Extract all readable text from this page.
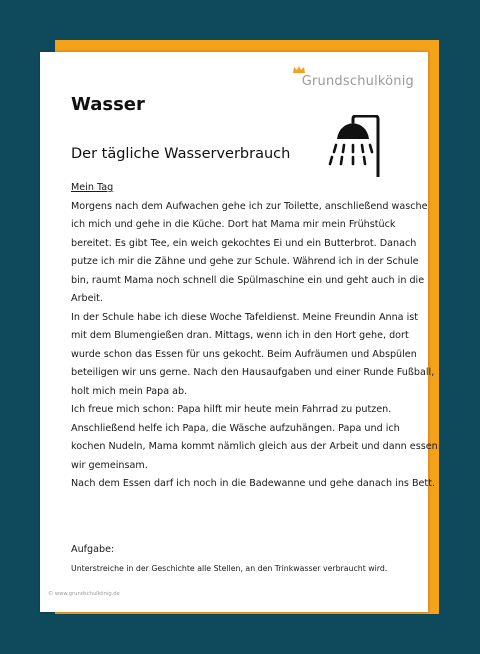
Grundschulkönig
Wasser
Der tägliche Wasserverbrauch
Mein Tag
Morgens nach dem Aufwachen gehe ich zur Toilette, anschließend wasche
ich mich und gehe in die Küche. Dort hat Mama mir mein Frühstück
bereitet. Es gibt Tee, ein weich gekochtes Ei und ein Butterbrot. Danach
putze ich mir die Zähne und gehe zur Schule. Während ich in der Schule
bin, raumt Mama noch schnell die Spülmaschine ein und geht auch in die
Arbeit.
In der Schule habe ich diese Woche Tafeldienst. Meine Freundin Anna ist
mit dem Blumengießen dran. Mittags, wenn ich in den Hort gehe, dort
wurde schon das Essen für uns gekocht. Beim Aufräumen und Abspülen
beteiligen wir uns gerne. Nach den Hausaufgaben und einer Runde Fußball,
holt mich mein Papa ab.
Ich freue mich schon: Papa hilft mir heute mein Fahrrad zu putzen.
Anschließend helfe ich Papa, die Wäsche aufzuhängen. Papa und ich
kochen Nudeln, Mama kommt nämlich gleich aus der Arbeit und dann essen
wir gemeinsam.
Nach dem Essen darf ich noch in die Badewanne und gehe danach ins Bett.
Aufgabe:
Unterstreiche in der Geschichte alle Stellen, an den Trinkwasser verbraucht wird.
© www.grundschulkönig.de
